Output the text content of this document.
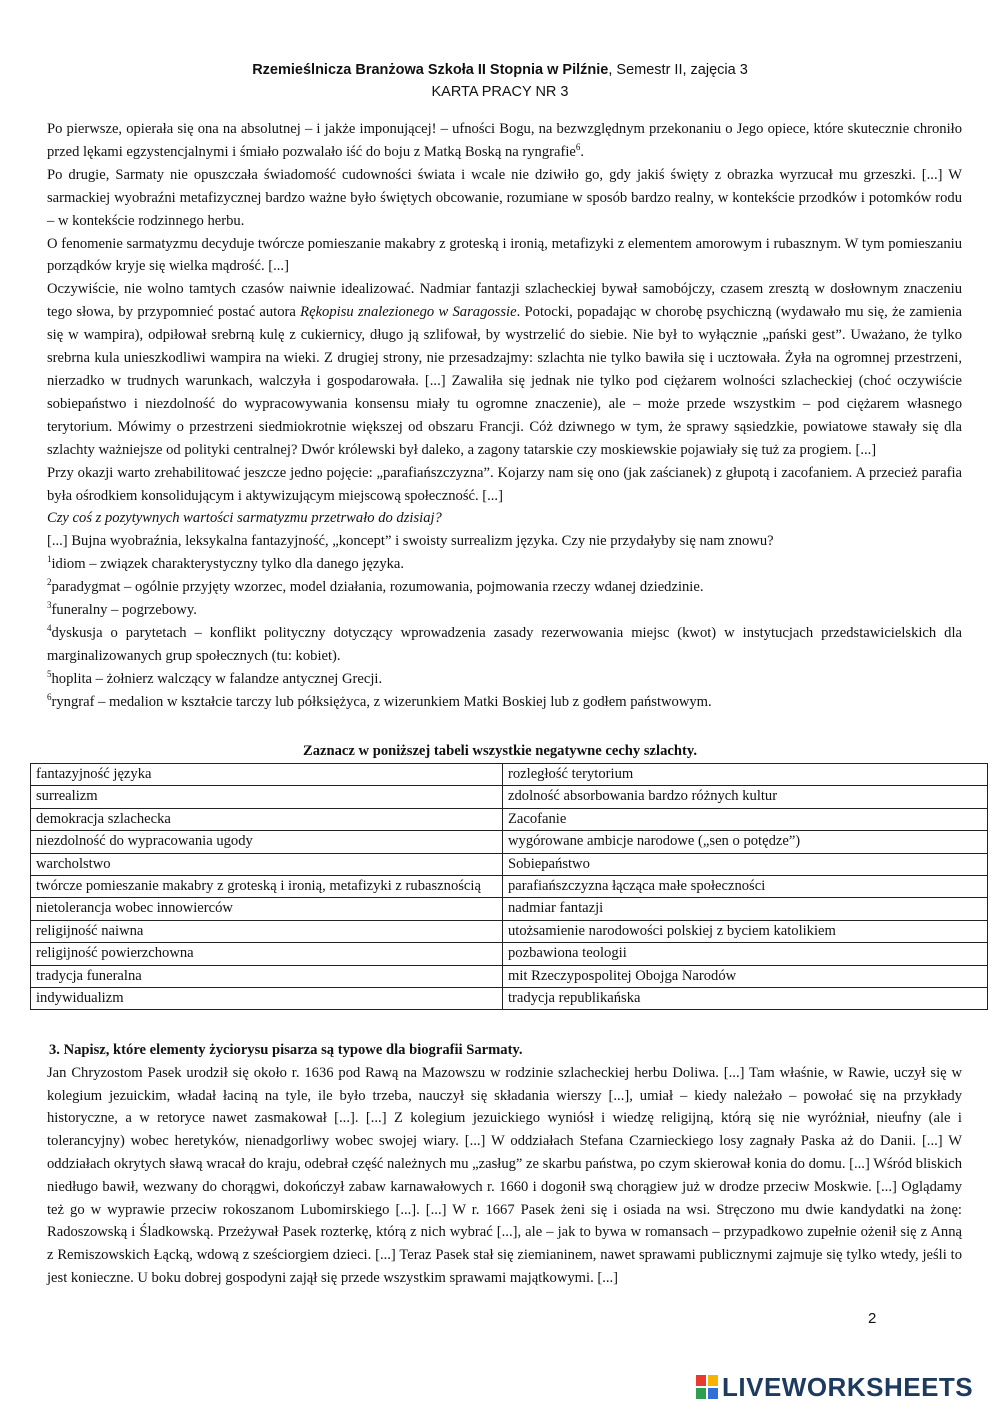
Rzemieślnicza Branżowa Szkoła II Stopnia w Pilźnie, Semestr II, zajęcia 3
KARTA PRACY NR 3

Po pierwsze, opierała się ona na absolutnej – i jakże imponującej! – ufności Bogu, na bezwzględnym przekonaniu o Jego opiece, które skutecznie chroniło przed lękami egzystencjalnymi i śmiało pozwalało iść do boju z Matką Boską na ryngrafie$^6$.

Po drugie, Sarmaty nie opuszczała świadomość cudowności świata i wcale nie dziwiło go, gdy jakiś święty z obrazka wyrzucał mu grzeszki. [...] W sarmackiej wyobraźni metafizycznej bardzo ważne było świętych obcowanie, rozumiane w sposób bardzo realny, w kontekście przodków i potomków rodu – w kontekście rodzinnego herbu.

O fenomenie sarmatyzmu decyduje twórcze pomieszanie makabry z groteską i ironią, metafizyki z elementem amorowym i rubasznym. W tym pomieszaniu porządków kryje się wielka mądrość. [...]

Oczywiście, nie wolno tamtych czasów naiwnie idealizować. Nadmiar fantazji szlacheckiej bywał samobójczy, czasem zresztą w dosłownym znaczeniu tego słowa, by przypomnieć postać autora Rękopisu znalezionego w Saragossie. Potocki, popadając w chorobę psychiczną (wydawało mu się, że zamienia się w wampira), odpiłował srebrną kulę z cukiernicy, długo ją szlifował, by wystrzelić do siebie. Nie był to wyłącznie „pański gest”. Uważano, że tylko srebrna kula unieszkodliwi wampira na wieki. Z drugiej strony, nie przesadzajmy: szlachta nie tylko bawiła się i ucztowała. Żyła na ogromnej przestrzeni, nierzadko w trudnych warunkach, walczyła i gospodarowała. [...] Zawaliła się jednak nie tylko pod ciężarem wolności szlacheckiej (choć oczywiście sobiepaństwo i niezdolność do wypracowywania konsensu miały tu ogromne znaczenie), ale – może przede wszystkim – pod ciężarem własnego terytorium. Mówimy o przestrzeni siedmiokrotnie większej od obszaru Francji. Cóż dziwnego w tym, że sprawy sąsiedzkie, powiatowe stawały się dla szlachty ważniejsze od polityki centralnej? Dwór królewski był daleko, a zagony tatarskie czy moskiewskie pojawiały się tuż za progiem. [...]

Przy okazji warto zrehabilitować jeszcze jedno pojęcie: „parafiańszczyzna”. Kojarzy nam się ono (jak zaścianek) z głupotą i zacofaniem. A przecież parafia była ośrodkiem konsolidującym i aktywizującym miejscową społeczność. [...]

Czy coś z pozytywnych wartości sarmatyzmu przetrwało do dzisiaj?

[...] Bujna wyobraźnia, leksykalna fantazyjność, „koncept” i swoisty surrealizm języka. Czy nie przydałyby się nam znowu?

$^1$idiom – związek charakterystyczny tylko dla danego języka.

$^2$paradygmat – ogólnie przyjęty wzorzec, model działania, rozumowania, pojmowania rzeczy wdanej dziedzinie.

$^3$funeralny – pogrzebowy.

$^4$dyskusja o parytetach – konflikt polityczny dotyczący wprowadzenia zasady rezerwowania miejsc (kwot) w instytucjach przedstawicielskich dla marginalizowanych grup społecznych (tu: kobiet).

$^5$hoplita – żołnierz walczący w falandze antycznej Grecji.

$^6$ryngraf – medalion w kształcie tarczy lub półksiężyca, z wizerunkiem Matki Boskiej lub z godłem państwowym.

Zaznacz w poniższej tabeli wszystkie negatywne cechy szlachty.
fantazyjność języka	rozległość terytorium
surrealizm	zdolność absorbowania bardzo różnych kultur
demokracja szlachecka	Zacofanie
niezdolność do wypracowania ugody	wygórowane ambicje narodowe („sen o potędze”)
warcholstwo	Sobiepaństwo
twórcze pomieszanie makabry z groteską i ironią, metafizyki z rubasznością	parafiańszczyzna łącząca małe społeczności
nietolerancja wobec innowierców	nadmiar fantazji
religijność naiwna	utożsamienie narodowości polskiej z byciem katolikiem
religijność powierzchowna	pozbawiona teologii
tradycja funeralna	mit Rzeczypospolitej Obojga Narodów
indywidualizm	tradycja republikańska

3. Napisz, które elementy życiorysu pisarza są typowe dla biografii Sarmaty.

Jan Chryzostom Pasek urodził się około r. 1636 pod Rawą na Mazowszu w rodzinie szlacheckiej herbu Doliwa. [...] Tam właśnie, w Rawie, uczył się w kolegium jezuickim, władał łaciną na tyle, ile było trzeba, nauczył się składania wierszy [...], umiał – kiedy należało – powołać się na przykłady historyczne, a w retoryce nawet zasmakował [...]. [...] Z kolegium jezuickiego wyniósł i wiedzę religijną, którą się nie wyróżniał, nieufny (ale i tolerancyjny) wobec heretyków, nienadgorliwy wobec swojej wiary. [...] W oddziałach Stefana Czarnieckiego losy zagnały Paska aż do Danii. [...] W oddziałach okrytych sławą wracał do kraju, odebrał część należnych mu „zasług” ze skarbu państwa, po czym skierował konia do domu. [...] Wśród bliskich niedługo bawił, wezwany do chorągwi, dokończył zabaw karnawałowych r. 1660 i dogonił swą chorągiew już w drodze przeciw Moskwie. [...] Oglądamy też go w wyprawie przeciw rokoszanom Lubomirskiego [...]. [...] W r. 1667 Pasek żeni się i osiada na wsi. Stręczono mu dwie kandydatki na żonę: Radoszowską i Śladkowską. Przeżywał Pasek rozterkę, którą z nich wybrać [...], ale – jak to bywa w romansach – przypadkowo zupełnie ożenił się z Anną z Remiszowskich Łącką, wdową z sześciorgiem dzieci. [...] Teraz Pasek stał się ziemianinem, nawet sprawami publicznymi zajmuje się tylko wtedy, jeśli to jest konieczne. U boku dobrej gospodyni zajął się przede wszystkim sprawami majątkowymi. [...]

2
LIVEWORKSHEETS
